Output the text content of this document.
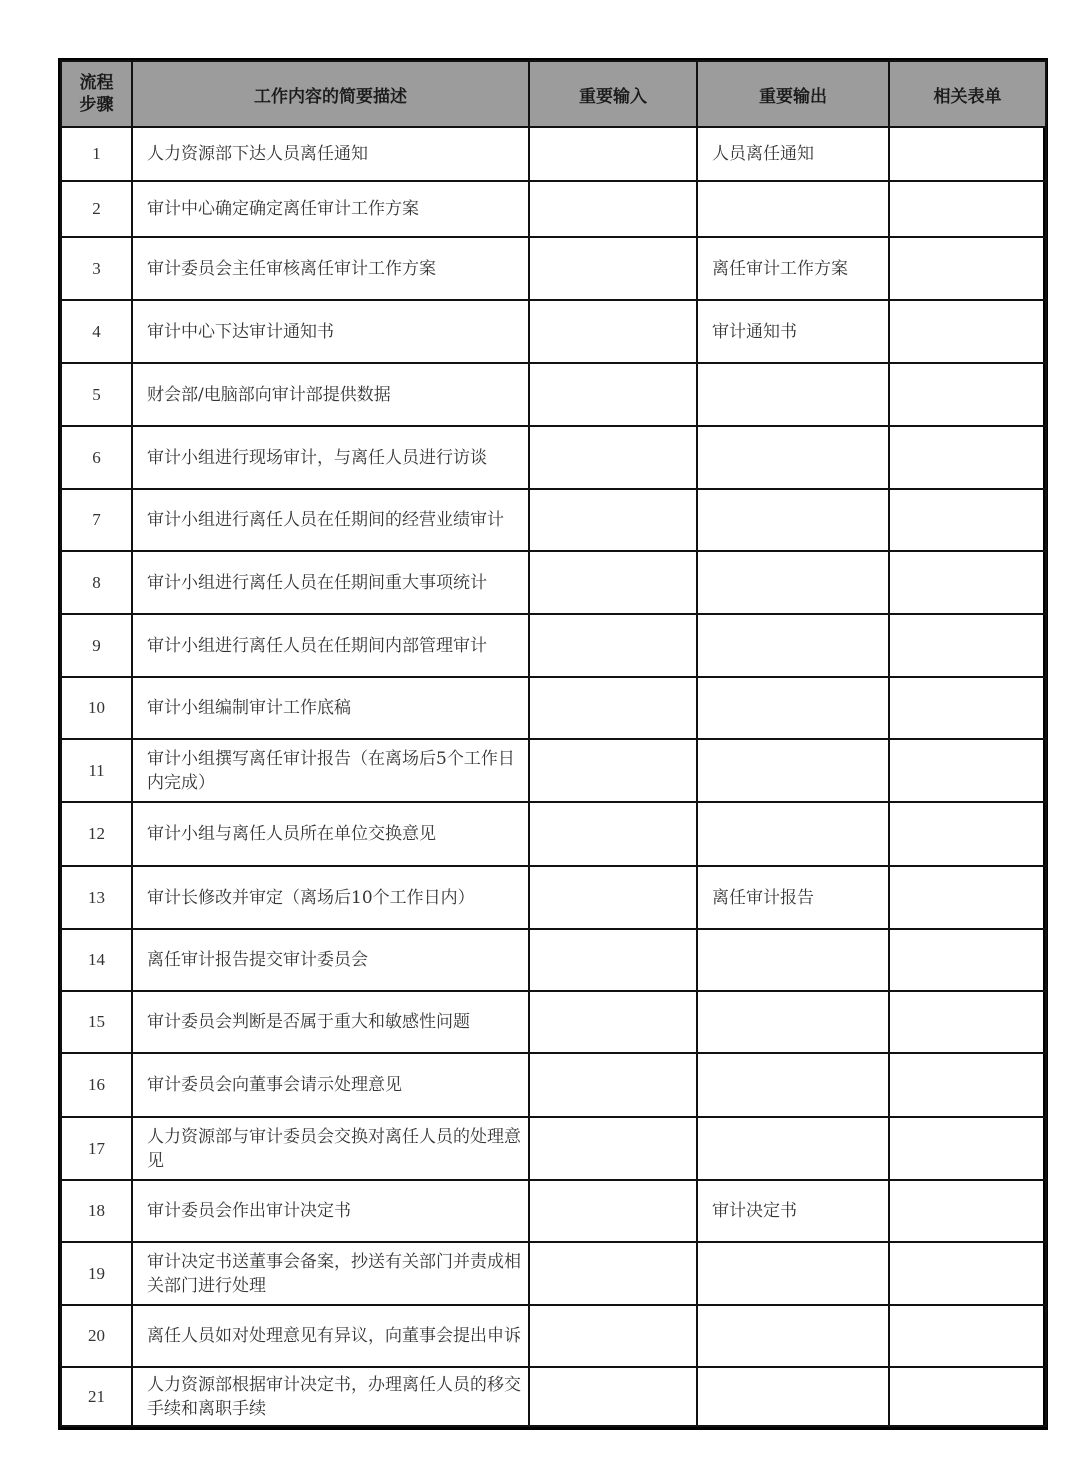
流程
步骤	工作内容的简要描述	重要输入	重要输出	相关表单
1	人力资源部下达人员离任通知		人员离任通知	
2	审计中心确定确定离任审计工作方案			
3	审计委员会主任审核离任审计工作方案		离任审计工作方案	
4	审计中心下达审计通知书		审计通知书	
5	财会部/电脑部向审计部提供数据			
6	审计小组进行现场审计，与离任人员进行访谈			
7	审计小组进行离任人员在任期间的经营业绩审计			
8	审计小组进行离任人员在任期间重大事项统计			
9	审计小组进行离任人员在任期间内部管理审计			
10	审计小组编制审计工作底稿			
11	审计小组撰写离任审计报告（在离场后5个工作日内完成）			
12	审计小组与离任人员所在单位交换意见			
13	审计长修改并审定（离场后10个工作日内）		离任审计报告	
14	离任审计报告提交审计委员会			
15	审计委员会判断是否属于重大和敏感性问题			
16	审计委员会向董事会请示处理意见			
17	人力资源部与审计委员会交换对离任人员的处理意见			
18	审计委员会作出审计决定书		审计决定书	
19	审计决定书送董事会备案，抄送有关部门并责成相关部门进行处理			
20	离任人员如对处理意见有异议，向董事会提出申诉			
21	人力资源部根据审计决定书，办理离任人员的移交手续和离职手续			
